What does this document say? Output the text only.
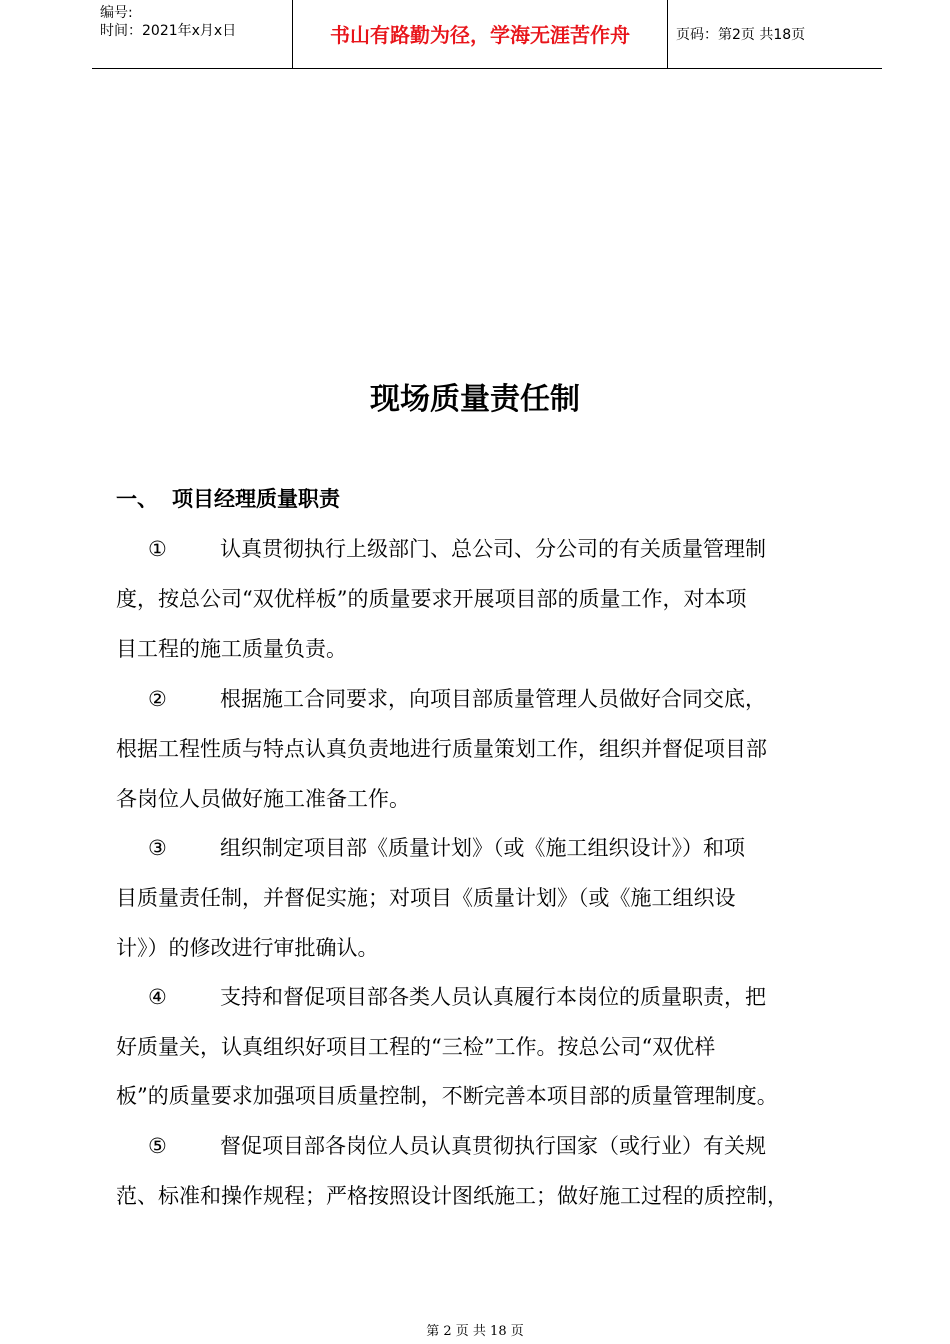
编号:
时间：2021年x月x日	书山有路勤为径，学海无涯苦作舟	页码：第2页 共18页
现场质量责任制
一、 项目经理质量职责
①	认真贯彻执行上级部门、总公司、分公司的有关质量管理制
度，按总公司“双优样板”的质量要求开展项目部的质量工作，对本项
目工程的施工质量负责。
②	根据施工合同要求，向项目部质量管理人员做好合同交底，
根据工程性质与特点认真负责地进行质量策划工作，组织并督促项目部
各岗位人员做好施工准备工作。
③	组织制定项目部《质量计划》（或《施工组织设计》）和项
目质量责任制，并督促实施；对项目《质量计划》（或《施工组织设
计》）的修改进行审批确认。
④	支持和督促项目部各类人员认真履行本岗位的质量职责，把
好质量关，认真组织好项目工程的“三检”工作。按总公司“双优样
板”的质量要求加强项目质量控制，不断完善本项目部的质量管理制度。
⑤	督促项目部各岗位人员认真贯彻执行国家（或行业）有关规
范、标准和操作规程；严格按照设计图纸施工；做好施工过程的质控制，
第 2 页 共 18 页
